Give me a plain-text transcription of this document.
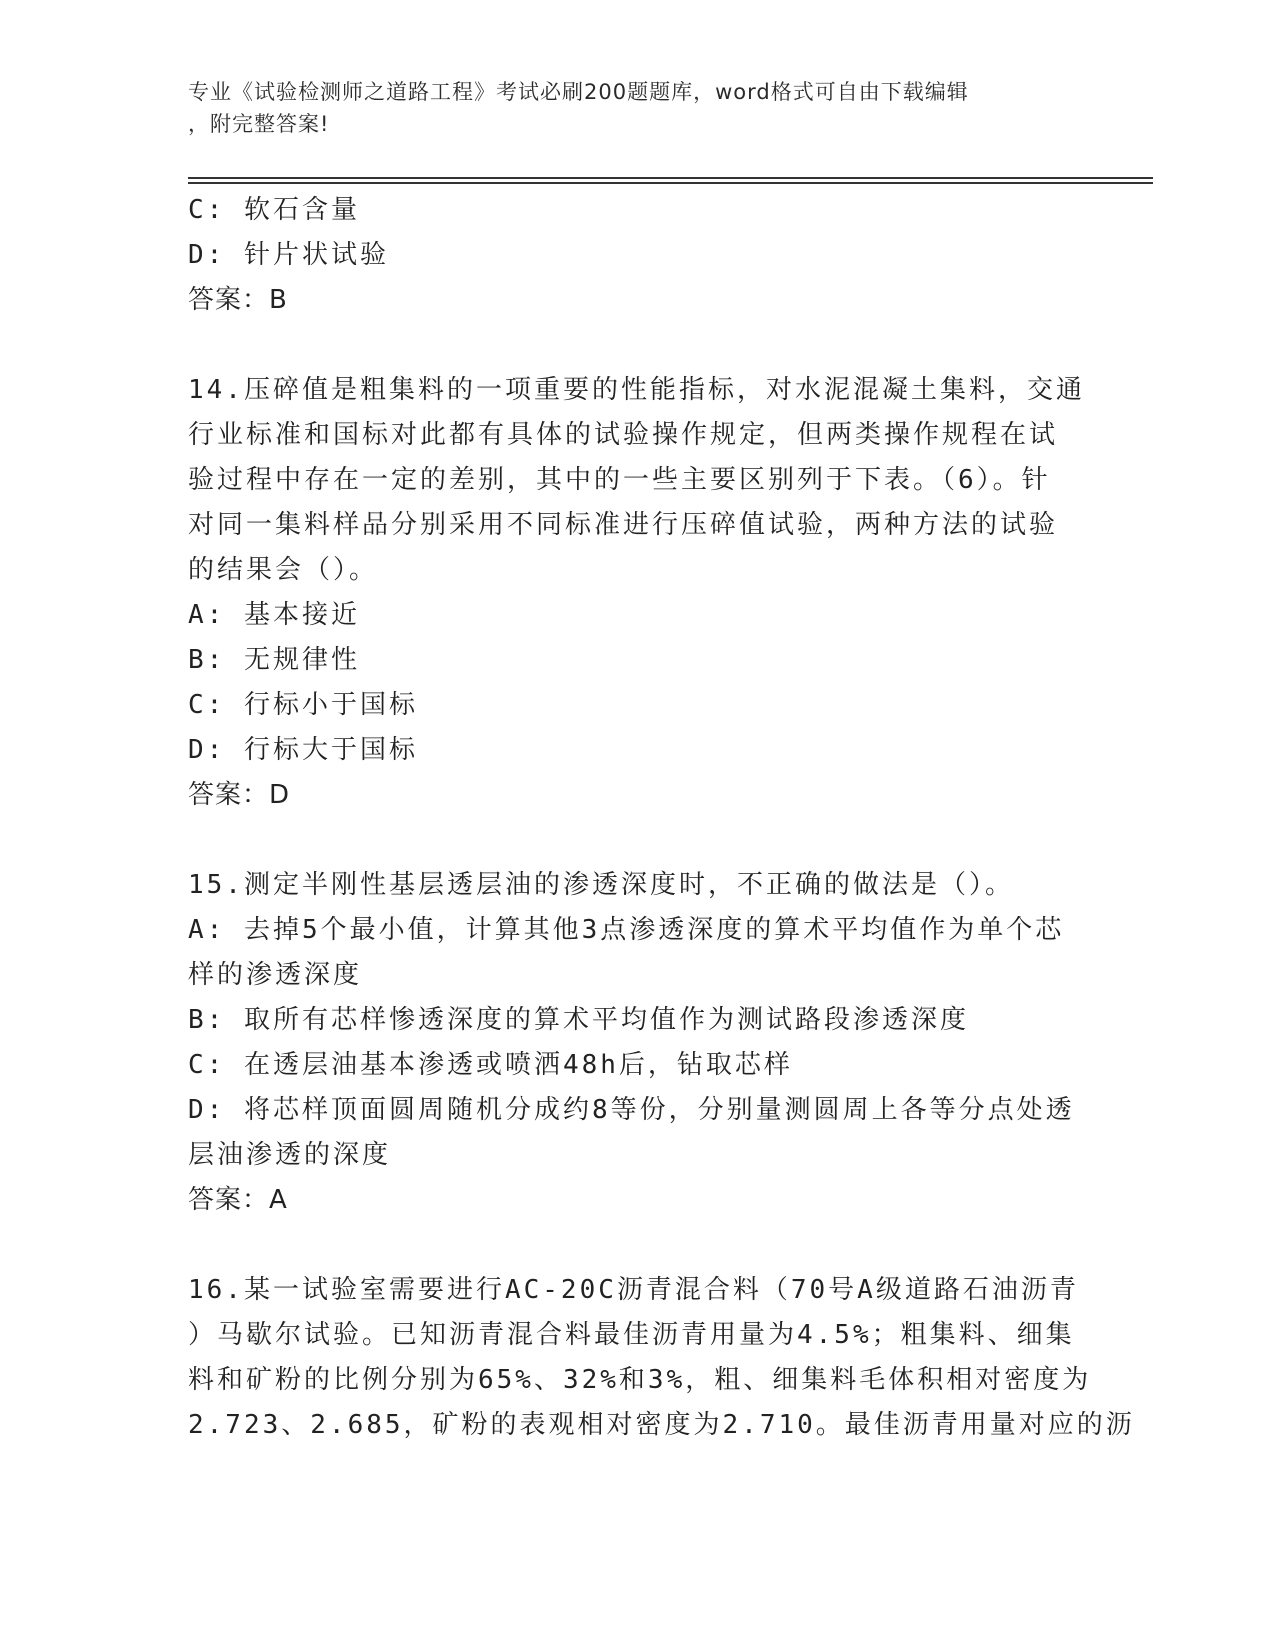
专业《试验检测师之道路工程》考试必刷200题题库，word格式可自由下载编辑
，附完整答案!
C: 软石含量
D: 针片状试验
答案：B
14.压碎值是粗集料的一项重要的性能指标，对水泥混凝土集料，交通
行业标准和国标对此都有具体的试验操作规定，但两类操作规程在试
验过程中存在一定的差别，其中的一些主要区别列于下表。（6）。针
对同一集料样品分别采用不同标准进行压碎值试验，两种方法的试验
的结果会（）。
A: 基本接近
B: 无规律性
C: 行标小于国标
D: 行标大于国标
答案：D
15.测定半刚性基层透层油的渗透深度时，不正确的做法是（）。
A: 去掉5个最小值，计算其他3点渗透深度的算术平均值作为单个芯
样的渗透深度
B: 取所有芯样惨透深度的算术平均值作为测试路段渗透深度
C: 在透层油基本渗透或喷洒48h后，钻取芯样
D: 将芯样顶面圆周随机分成约8等份，分别量测圆周上各等分点处透
层油渗透的深度
答案：A
16.某一试验室需要进行AC-20C沥青混合料（70号A级道路石油沥青
）马歇尔试验。已知沥青混合料最佳沥青用量为4.5%；粗集料、细集
料和矿粉的比例分别为65%、32%和3%，粗、细集料毛体积相对密度为
2.723、2.685，矿粉的表观相对密度为2.710。最佳沥青用量对应的沥
